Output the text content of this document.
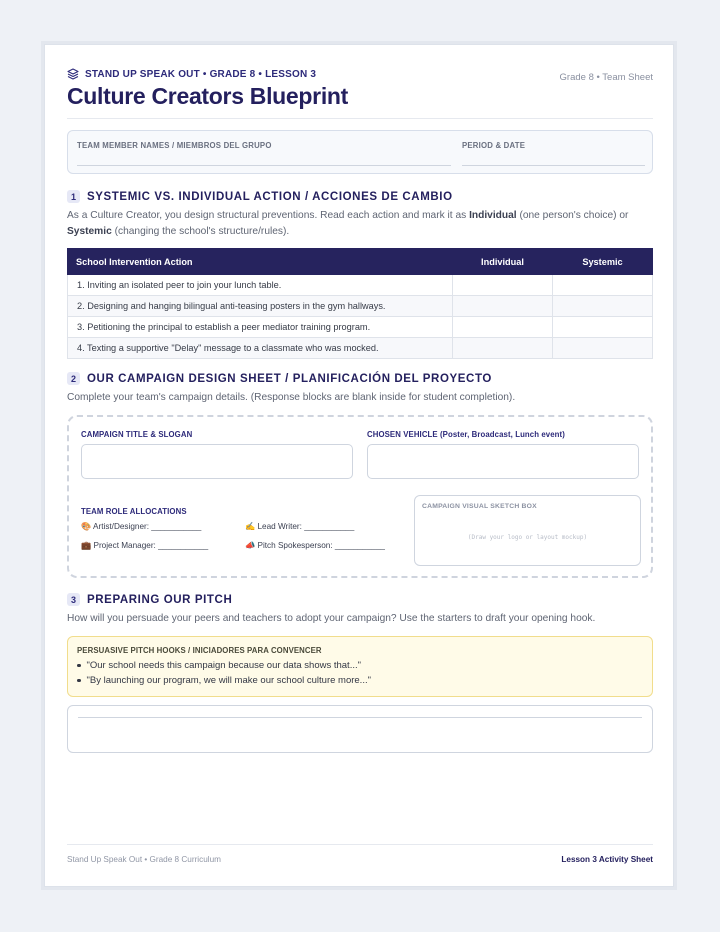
STAND UP SPEAK OUT • GRADE 8 • LESSON 3	Grade 8 • Team Sheet
Culture Creators Blueprint
TEAM MEMBER NAMES / MIEMBROS DEL GRUPO	PERIOD & DATE
1 SYSTEMIC VS. INDIVIDUAL ACTION / ACCIONES DE CAMBIO
As a Culture Creator, you design structural preventions. Read each action and mark it as Individual (one person's choice) or Systemic (changing the school's structure/rules).
School Intervention Action	Individual	Systemic
1. Inviting an isolated peer to join your lunch table.		
2. Designing and hanging bilingual anti-teasing posters in the gym hallways.		
3. Petitioning the principal to establish a peer mediator training program.		
4. Texting a supportive "Delay" message to a classmate who was mocked.		
2 OUR CAMPAIGN DESIGN SHEET / PLANIFICACIÓN DEL PROYECTO
Complete your team's campaign details. (Response blocks are blank inside for student completion).
CAMPAIGN TITLE & SLOGAN	CHOSEN VEHICLE (Poster, Broadcast, Lunch event)
TEAM ROLE ALLOCATIONS
🎨 Artist/Designer: ___________	✍ Lead Writer: ___________
💼 Project Manager: ___________	📣 Pitch Spokesperson: ___________
CAMPAIGN VISUAL SKETCH BOX
(Draw your logo or layout mockup)
3 PREPARING OUR PITCH
How will you persuade your peers and teachers to adopt your campaign? Use the starters to draft your opening hook.
PERSUASIVE PITCH HOOKS / INICIADORES PARA CONVENCER
"Our school needs this campaign because our data shows that..."
"By launching our program, we will make our school culture more..."
Stand Up Speak Out • Grade 8 Curriculum	Lesson 3 Activity Sheet
